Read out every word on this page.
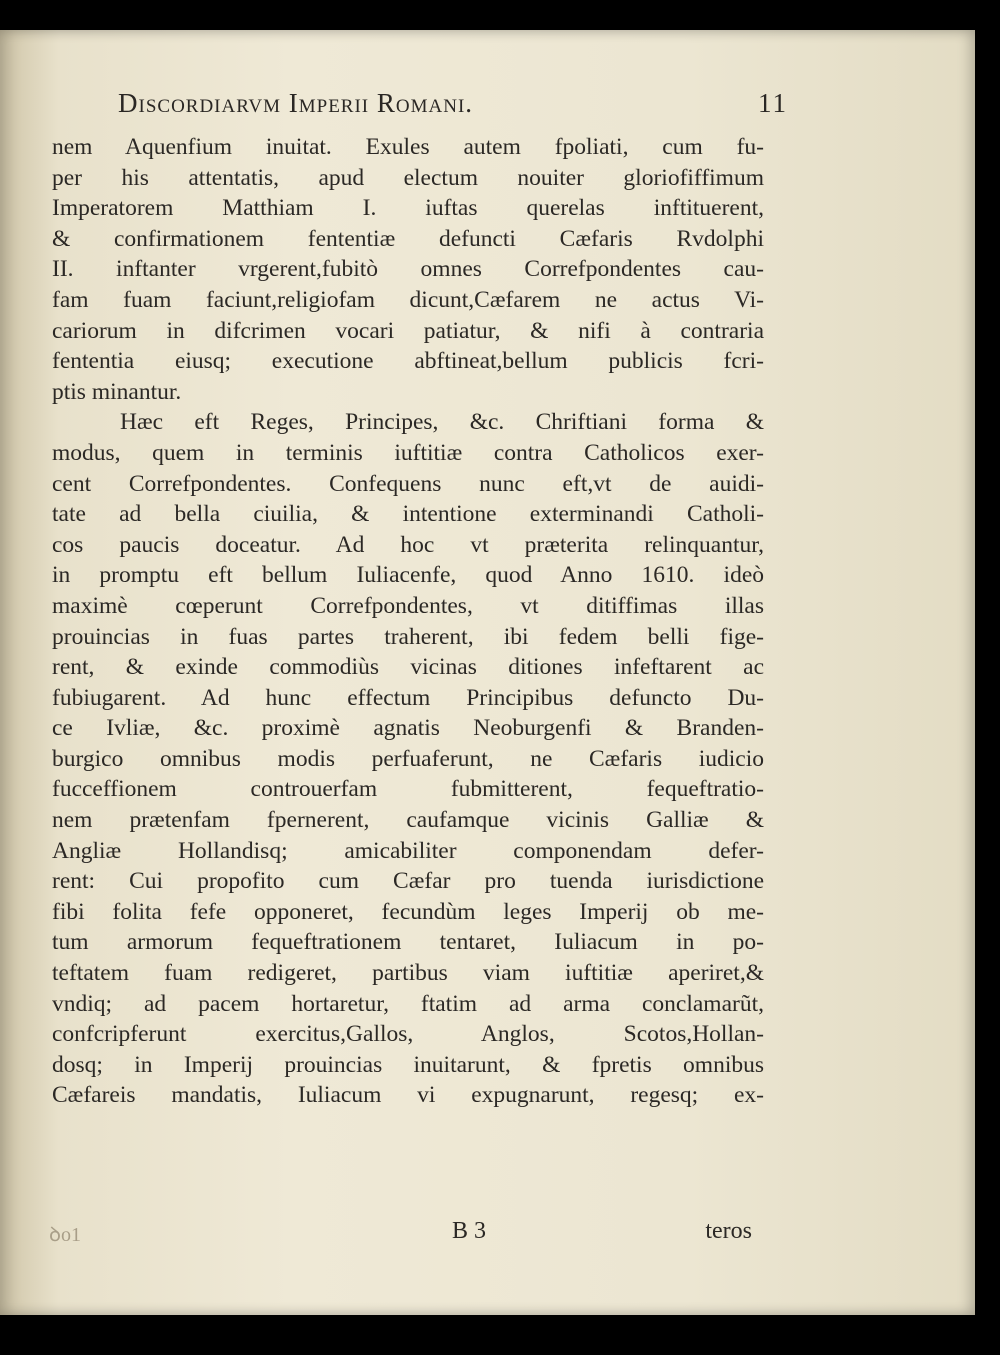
Discordiarvm Imperii Romani.	11
nem Aquenfium inuitat. Exules autem fpoliati, cum fu-
per his attentatis, apud electum nouiter gloriofiffimum
Imperatorem Matthiam I. iuftas querelas inftituerent,
& confirmationem fententiæ defuncti Cæfaris Rvdolphi
II. inftanter vrgerent,fubitò omnes Correfpondentes cau-
fam fuam faciunt,religiofam dicunt,Cæfarem ne actus Vi-
cariorum in difcrimen vocari patiatur, & nifi à contraria
fententia eiusq; executione abftineat,bellum publicis fcri-
ptis minantur.
Hæc eft Reges, Principes, &c. Chriftiani forma &
modus, quem in terminis iuftitiæ contra Catholicos exer-
cent Correfpondentes. Confequens nunc eft,vt de auidi-
tate ad bella ciuilia, & intentione exterminandi Catholi-
cos paucis doceatur. Ad hoc vt præterita relinquantur,
in promptu eft bellum Iuliacenfe, quod Anno 1610. ideò
maximè cœperunt Correfpondentes, vt ditiffimas illas
prouincias in fuas partes traherent, ibi fedem belli fige-
rent, & exinde commodiùs vicinas ditiones infeftarent ac
fubiugarent. Ad hunc effectum Principibus defuncto Du-
ce Ivliæ, &c. proximè agnatis Neoburgenfi & Branden-
burgico omnibus modis perfuaferunt, ne Cæfaris iudicio
fucceffionem controuerfam fubmitterent, fequeftratio-
nem prætenfam fpernerent, caufamque vicinis Galliæ &
Angliæ Hollandisq; amicabiliter componendam defer-
rent: Cui propofito cum Cæfar pro tuenda iurisdictione
fibi folita fefe opponeret, fecundùm leges Imperij ob me-
tum armorum fequeftrationem tentaret, Iuliacum in po-
teftatem fuam redigeret, partibus viam iuftitiæ aperiret,&
vndiq; ad pacem hortaretur, ftatim ad arma conclamarũt,
confcripferunt exercitus,Gallos, Anglos, Scotos,Hollan-
dosq; in Imperij prouincias inuitarunt, & fpretis omnibus
Cæfareis mandatis, Iuliacum vi expugnarunt, regesq; ex-
ꝺo1	B 3	teros
